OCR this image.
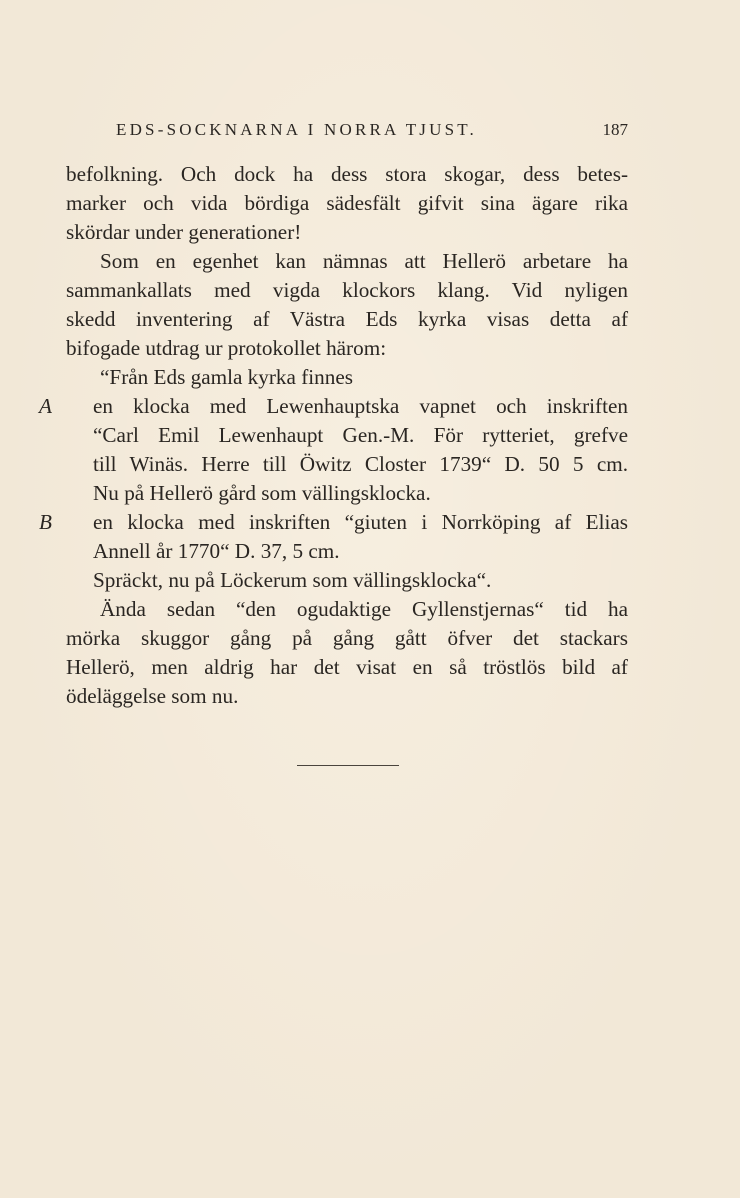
EDS-SOCKNARNA I NORRA TJUST.	187
befolkning. Och dock ha dess stora skogar, dess betes-
marker och vida bördiga sädesfält gifvit sina ägare rika
skördar under generationer!
Som en egenhet kan nämnas att Hellerö arbetare ha
sammankallats med vigda klockors klang. Vid nyligen
skedd inventering af Västra Eds kyrka visas detta af
bifogade utdrag ur protokollet härom:
“Från Eds gamla kyrka finnes
A en klocka med Lewenhauptska vapnet och inskriften
“Carl Emil Lewenhaupt Gen.-M. För rytteriet, grefve
till Winäs. Herre till Öwitz Closter 1739“ D. 50 5 cm.
Nu på Hellerö gård som vällingsklocka.
B en klocka med inskriften “giuten i Norrköping af Elias
Annell år 1770“ D. 37, 5 cm.
Spräckt, nu på Löckerum som vällingsklocka“.
Ända sedan “den ogudaktige Gyllenstjernas“ tid ha
mörka skuggor gång på gång gått öfver det stackars
Hellerö, men aldrig har det visat en så tröstlös bild af
ödeläggelse som nu.
